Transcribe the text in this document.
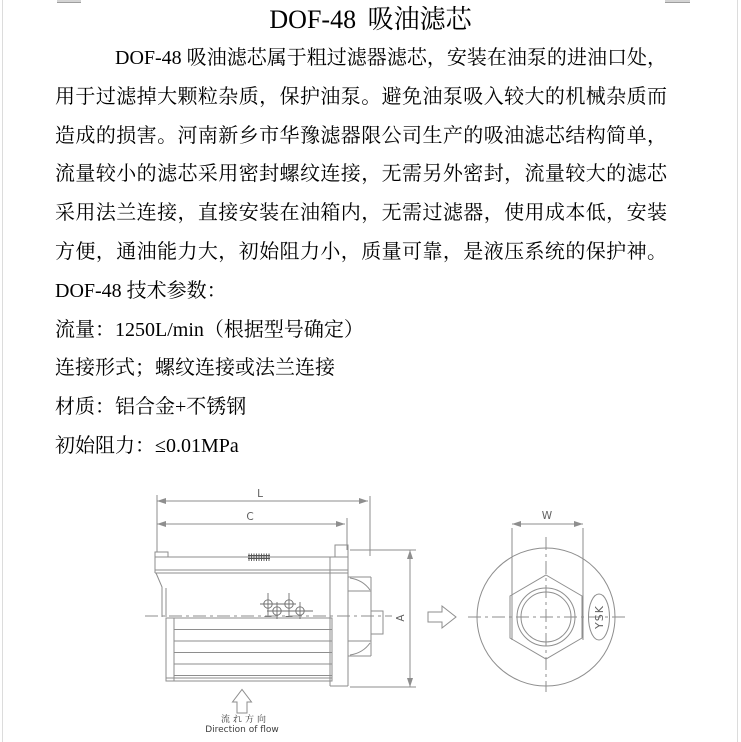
DOF-48 吸油滤芯
DOF-48 吸油滤芯属于粗过滤器滤芯，安装在油泵的进油口处，
用于过滤掉大颗粒杂质，保护油泵。避免油泵吸入较大的机械杂质而
造成的损害。河南新乡市华豫滤器限公司生产的吸油滤芯结构简单，
流量较小的滤芯采用密封螺纹连接，无需另外密封，流量较大的滤芯
采用法兰连接，直接安装在油箱内，无需过滤器，使用成本低，安装
方便，通油能力大，初始阻力小，质量可靠，是液压系统的保护神。
DOF-48 技术参数：
流量：1250L/min（根据型号确定）
连接形式；螺纹连接或法兰连接
材质：铝合金+不锈钢
初始阻力：≤0.01MPa
L
C
A
W
YSK
流れ方向
Direction of flow
